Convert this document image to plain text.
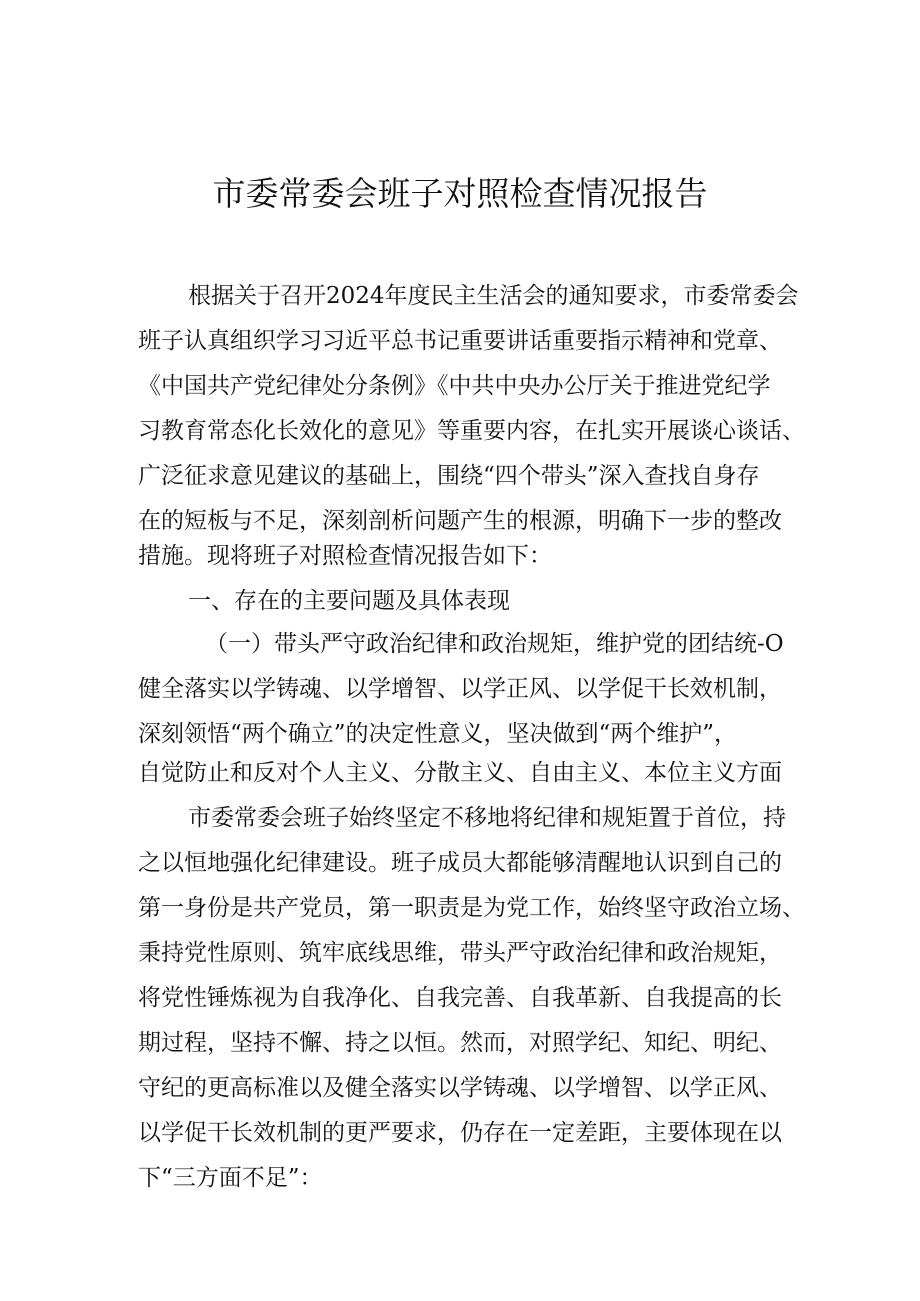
市委常委会班子对照检查情况报告
根据关于召开2024年度民主生活会的通知要求，市委常委会
班子认真组织学习习近平总书记重要讲话重要指示精神和党章、
《中国共产党纪律处分条例》《中共中央办公厅关于推进党纪学
习教育常态化长效化的意见》等重要内容，在扎实开展谈心谈话、
广泛征求意见建议的基础上，围绕“四个带头”深入查找自身存
在的短板与不足，深刻剖析问题产生的根源，明确下一步的整改
措施。现将班子对照检查情况报告如下：
一、存在的主要问题及具体表现
（一）带头严守政治纪律和政治规矩，维护党的团结统-O
健全落实以学铸魂、以学增智、以学正风、以学促干长效机制，
深刻领悟“两个确立”的决定性意义，坚决做到“两个维护”，
自觉防止和反对个人主义、分散主义、自由主义、本位主义方面
市委常委会班子始终坚定不移地将纪律和规矩置于首位，持
之以恒地强化纪律建设。班子成员大都能够清醒地认识到自己的
第一身份是共产党员，第一职责是为党工作，始终坚守政治立场、
秉持党性原则、筑牢底线思维，带头严守政治纪律和政治规矩，
将党性锤炼视为自我净化、自我完善、自我革新、自我提高的长
期过程，坚持不懈、持之以恒。然而，对照学纪、知纪、明纪、
守纪的更高标准以及健全落实以学铸魂、以学增智、以学正风、
以学促干长效机制的更严要求，仍存在一定差距，主要体现在以
下“三方面不足”：
